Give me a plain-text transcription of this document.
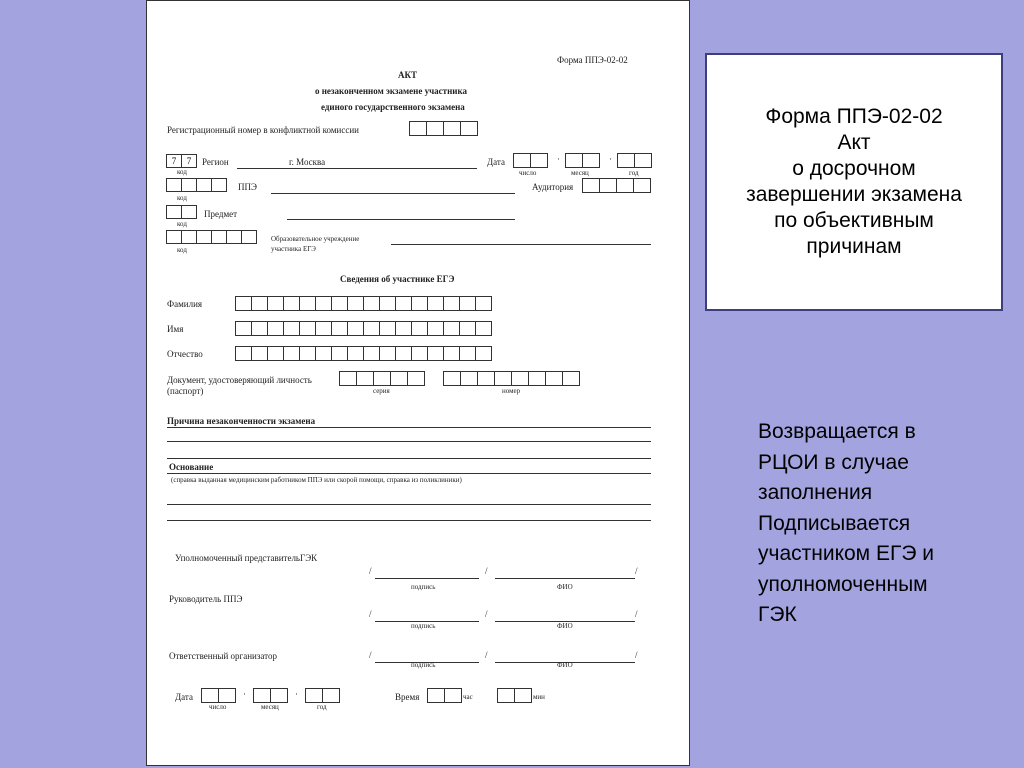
Форма ППЭ-02-02
АКТ
о незаконченном экзамене участника
единого государственного экзамена
Регистрационный номер в конфликтной комиссии
7	7
код
Регион	г. Москва	Дата	·	·
число	месяц	год
код
ППЭ	Аудитория
код
Предмет
код
Образовательное учреждение
участника ЕГЭ
Сведения об участнике ЕГЭ
Фамилия
Имя
Отчество
Документ, удостоверяющий личность
(паспорт)	серия	номер
Причина незаконченности экзамена
Основание
(справка выданная медицинским работником ППЭ или скорой помощи, справка из поликлиники)
Уполномоченный представительГЭК
/	/	/
подпись	ФИО
Руководитель ППЭ
/	/	/
подпись	ФИО
Ответственный организатор	/	/	/
подпись	ФИО
Дата	·	·
число	месяц	год
Время	час	мин
Форма ППЭ-02-02
Акт
о досрочном
завершении экзамена
по объективным
причинам
Возвращается в
РЦОИ в случае
заполнения
Подписывается
участником ЕГЭ и
уполномоченным
ГЭК
